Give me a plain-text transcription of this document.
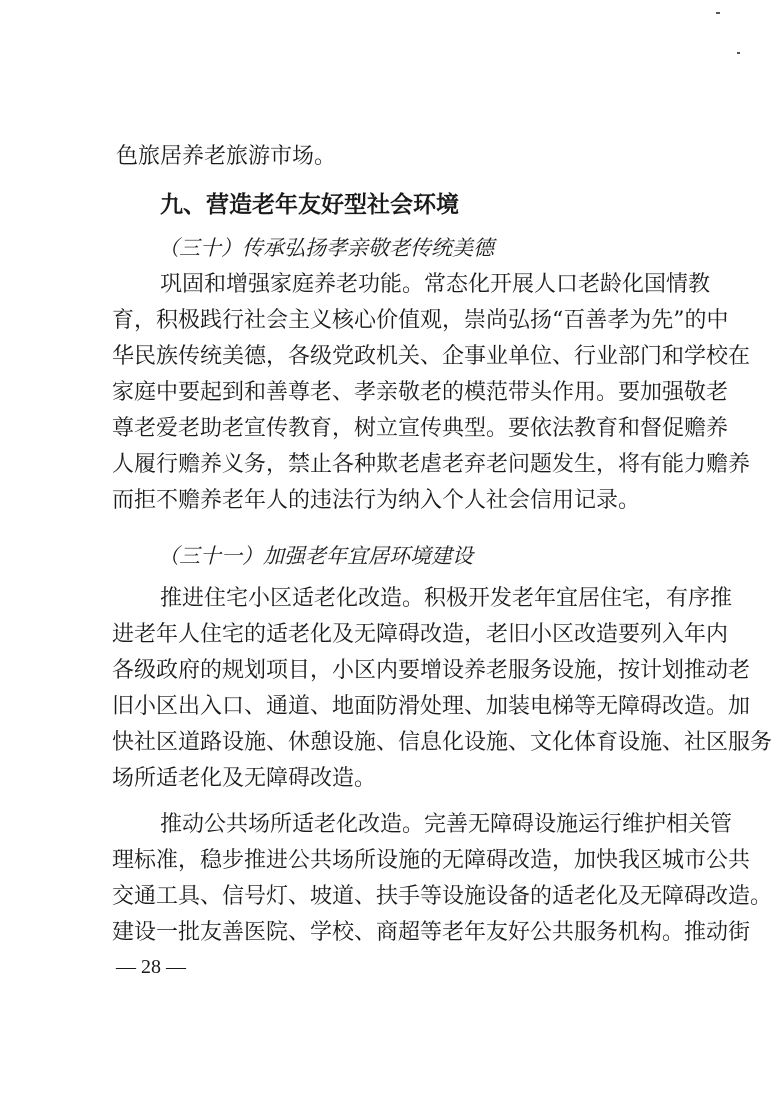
色旅居养老旅游市场。
九、营造老年友好型社会环境
（三十）传承弘扬孝亲敬老传统美德
巩固和增强家庭养老功能。常态化开展人口老龄化国情教
育，积极践行社会主义核心价值观，崇尚弘扬“百善孝为先”的中
华民族传统美德，各级党政机关、企事业单位、行业部门和学校在
家庭中要起到和善尊老、孝亲敬老的模范带头作用。要加强敬老
尊老爱老助老宣传教育，树立宣传典型。要依法教育和督促赡养
人履行赡养义务，禁止各种欺老虐老弃老问题发生，将有能力赡养
而拒不赡养老年人的违法行为纳入个人社会信用记录。
（三十一）加强老年宜居环境建设
推进住宅小区适老化改造。积极开发老年宜居住宅，有序推
进老年人住宅的适老化及无障碍改造，老旧小区改造要列入年内
各级政府的规划项目，小区内要增设养老服务设施，按计划推动老
旧小区出入口、通道、地面防滑处理、加装电梯等无障碍改造。加
快社区道路设施、休憩设施、信息化设施、文化体育设施、社区服务
场所适老化及无障碍改造。
推动公共场所适老化改造。完善无障碍设施运行维护相关管
理标准，稳步推进公共场所设施的无障碍改造，加快我区城市公共
交通工具、信号灯、坡道、扶手等设施设备的适老化及无障碍改造。
建设一批友善医院、学校、商超等老年友好公共服务机构。推动街
— 28 —
